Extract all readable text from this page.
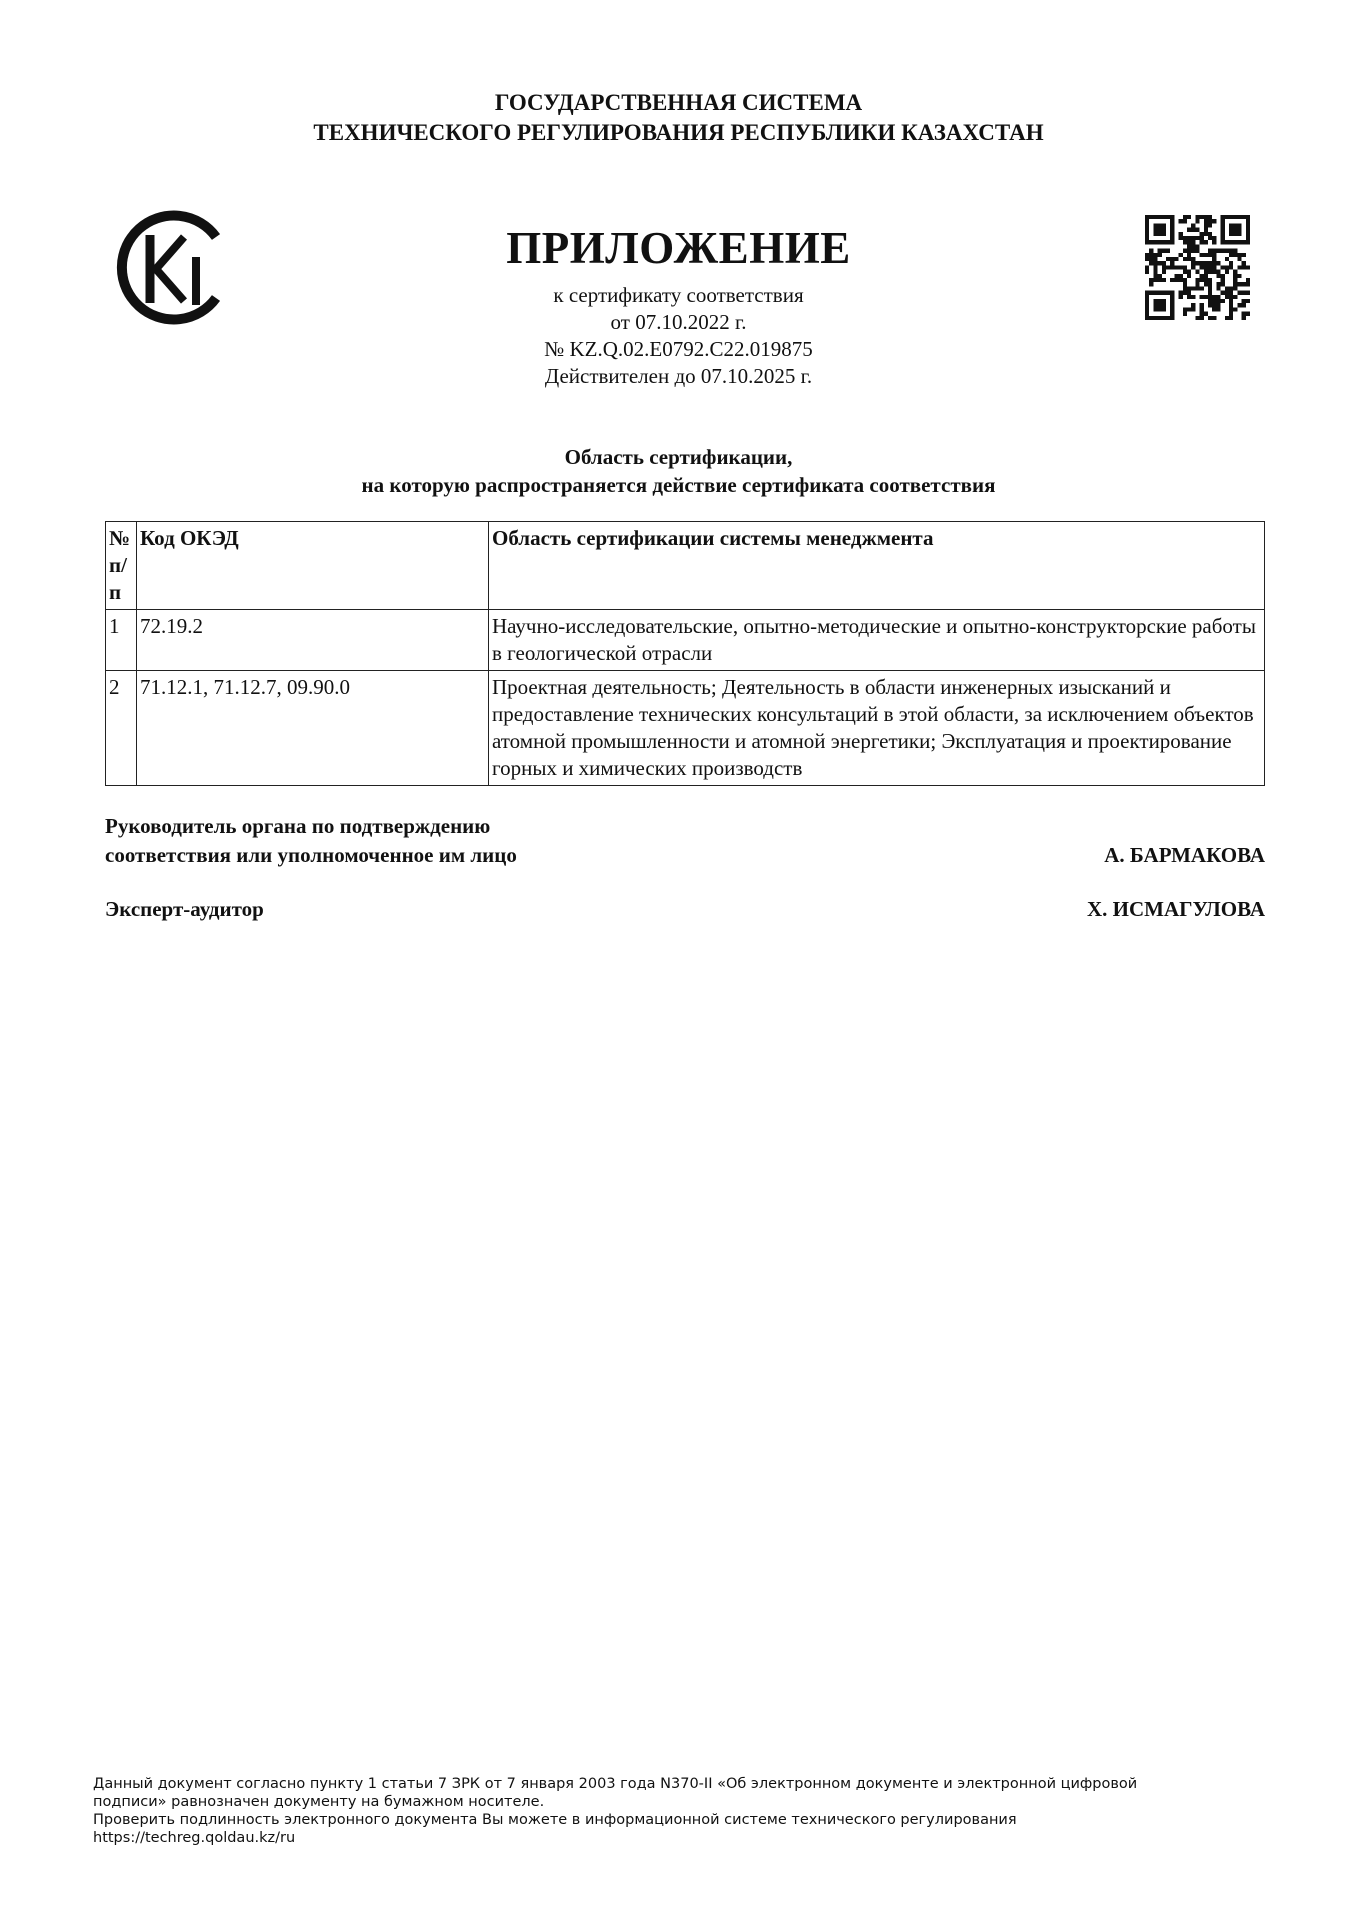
ГОСУДАРСТВЕННАЯ СИСТЕМА
ТЕХНИЧЕСКОГО РЕГУЛИРОВАНИЯ РЕСПУБЛИКИ КАЗАХСТАН
ПРИЛОЖЕНИЕ
к сертификату соответствия
от 07.10.2022 г.
№ KZ.Q.02.E0792.C22.019875
Действителен до 07.10.2025 г.
Область сертификации,
на которую распространяется действие сертификата соответствия
№ п/ п	Код ОКЭД	Область сертификации системы менеджмента
1	72.19.2	Научно-исследовательские, опытно-методические и опытно-конструкторские работы в геологической отрасли
2	71.12.1, 71.12.7, 09.90.0	Проектная деятельность; Деятельность в области инженерных изысканий и предоставление технических консультаций в этой области, за исключением объектов атомной промышленности и атомной энергетики; Эксплуатация и проектирование горных и химических производств
Руководитель органа по подтверждению
соответствия или уполномоченное им лицо	А. БАРМАКОВА
Эксперт-аудитор	Х. ИСМАГУЛОВА
Данный документ согласно пункту 1 статьи 7 ЗРК от 7 января 2003 года N370-II «Об электронном документе и электронной цифровой
подписи» равнозначен документу на бумажном носителе.
Проверить подлинность электронного документа Вы можете в информационной системе технического регулирования
https://techreg.qoldau.kz/ru
